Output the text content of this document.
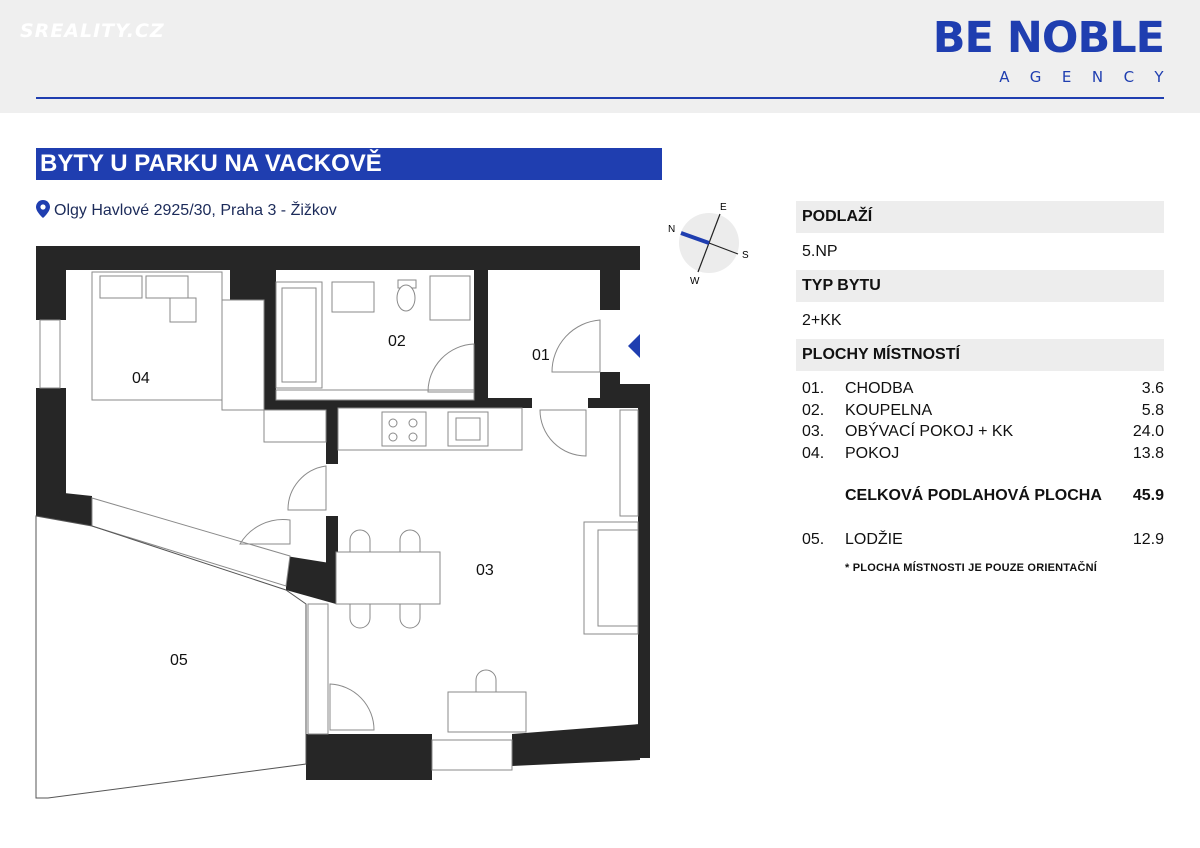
SREALITY.CZ	BE NOBLE
AGENCY
BYTY U PARKU NA VACKOVĚ
Olgy Havlové 2925/30, Praha 3 - Žižkov
N
E
S
W
01
02
03
04
05
PODLAŽÍ
5.NP
TYP BYTU
2+KK
PLOCHY MÍSTNOSTÍ
01. CHODBA	3.6
02. KOUPELNA	5.8
03. OBÝVACÍ POKOJ + KK	24.0
04. POKOJ	13.8
CELKOVÁ PODLAHOVÁ PLOCHA 45.9
05. LODŽIE	12.9
* PLOCHA MÍSTNOSTI JE POUZE ORIENTAČNÍ
